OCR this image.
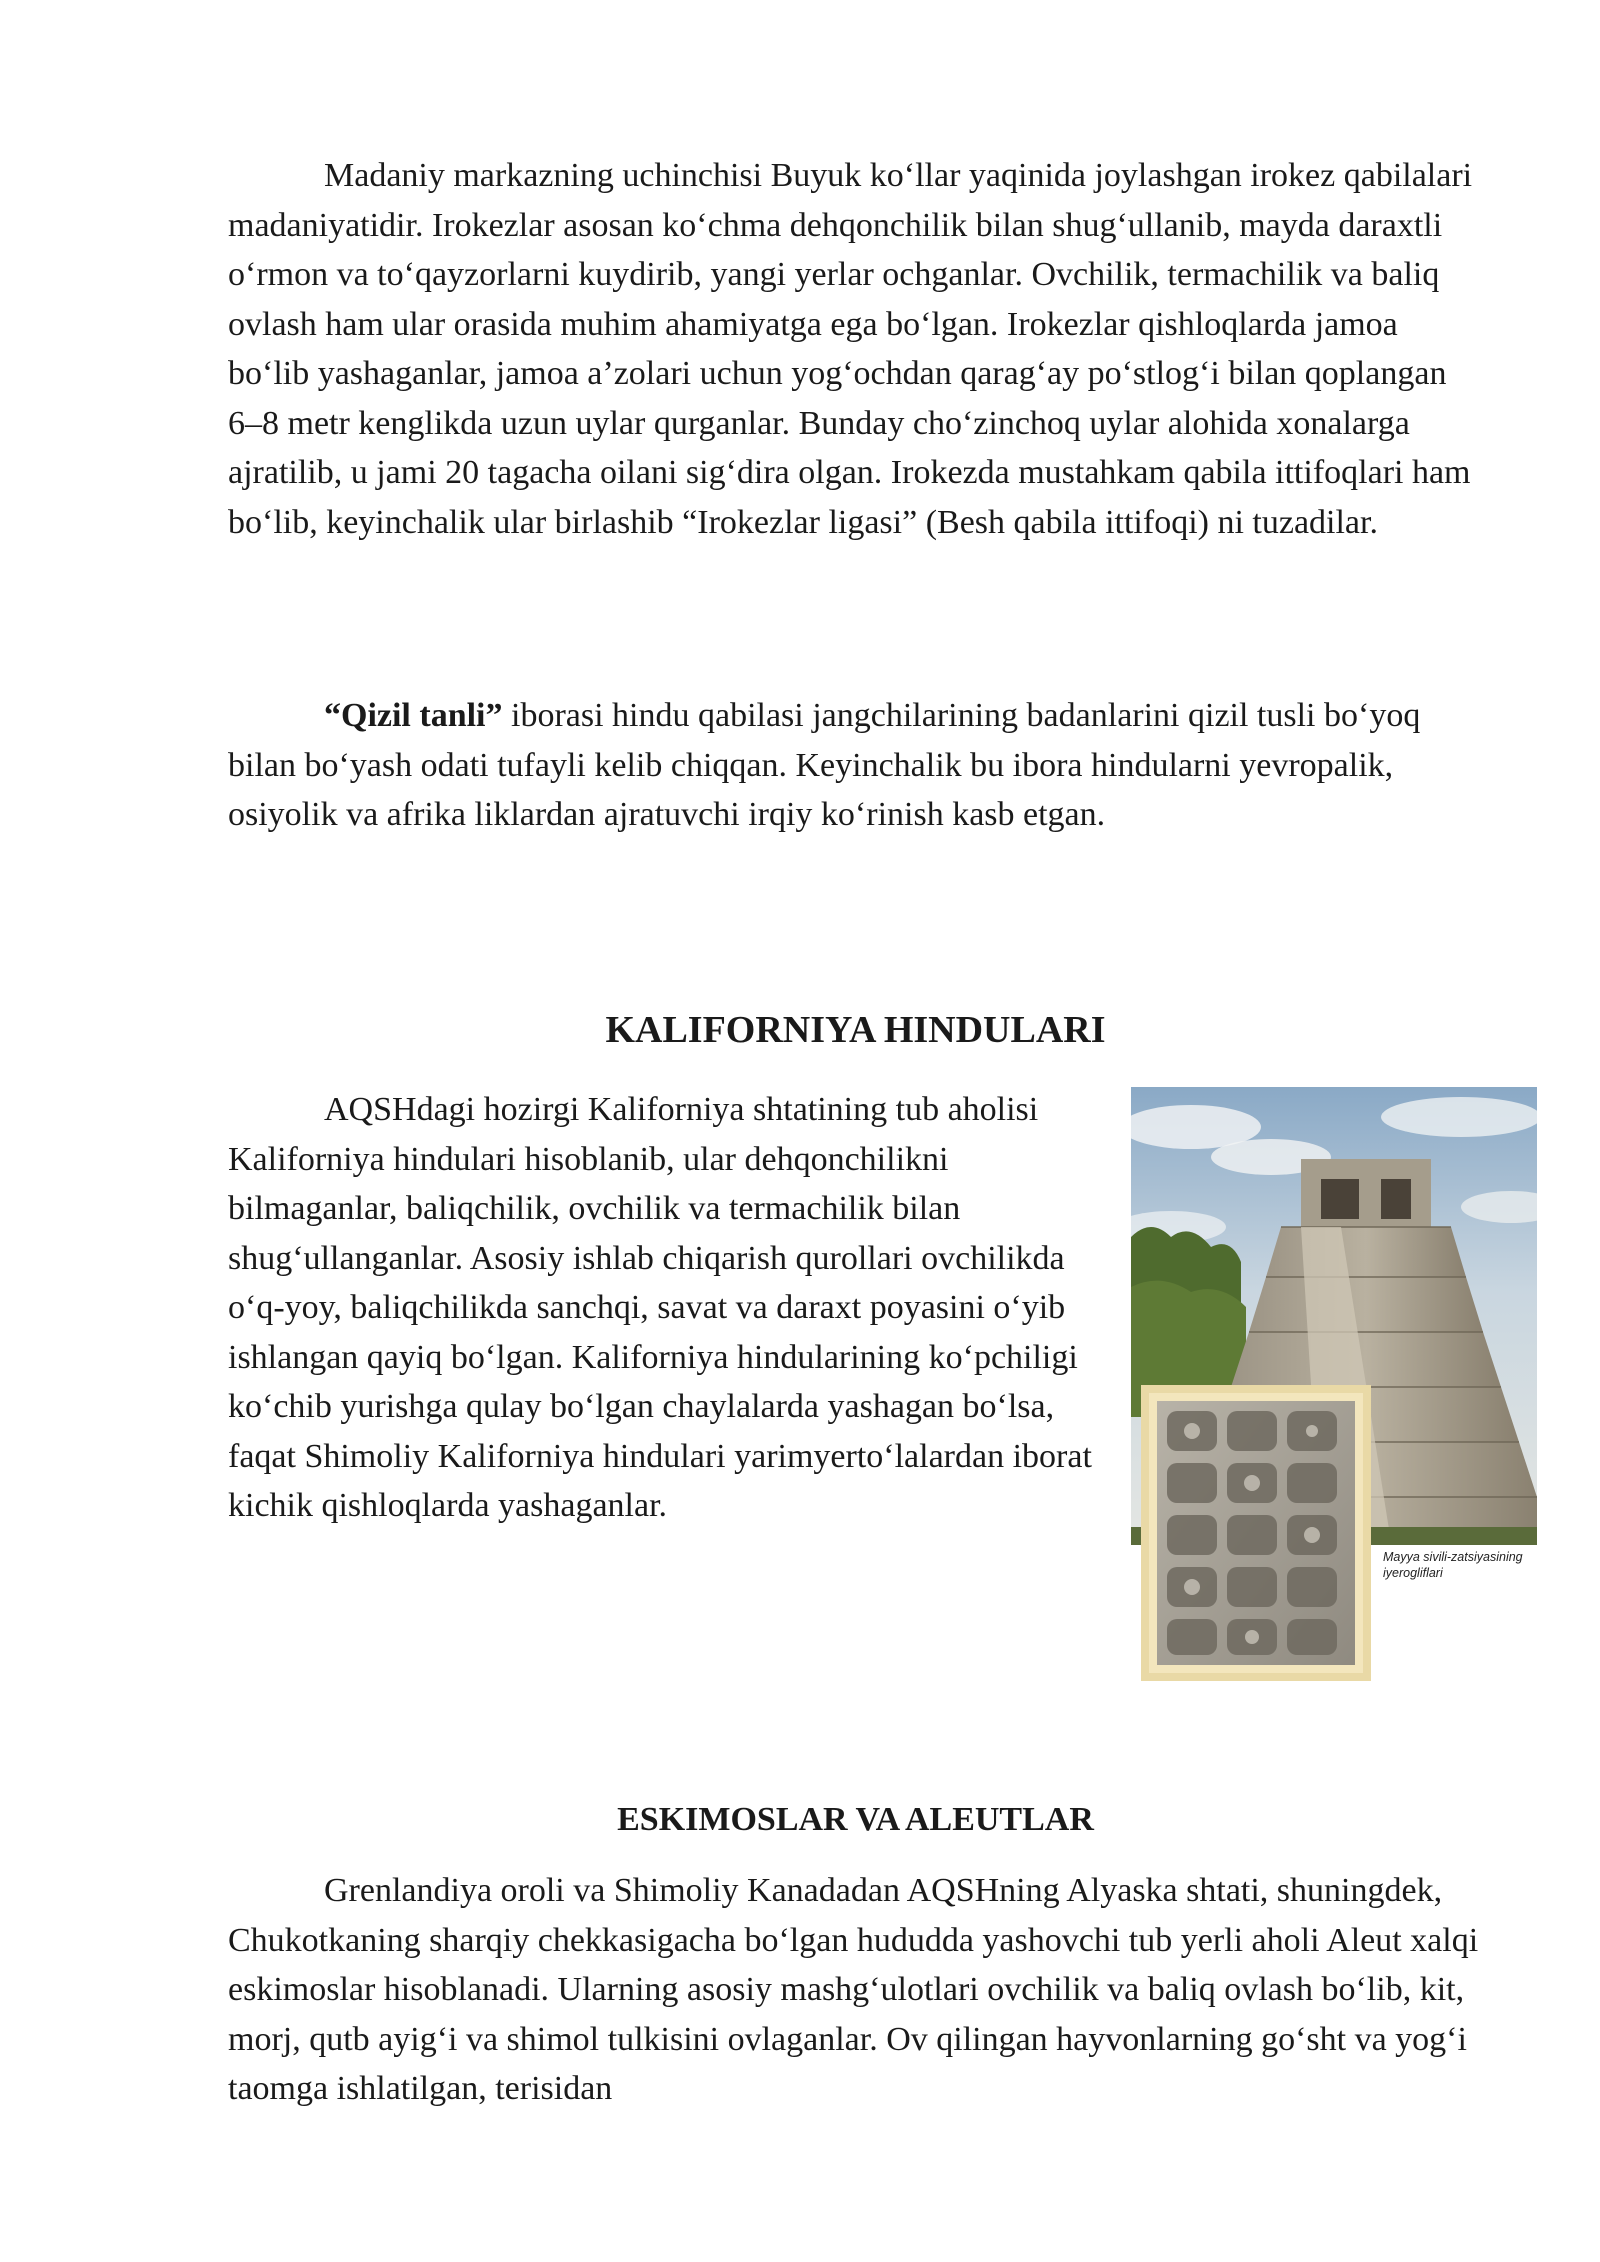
Madaniy markazning uchinchisi Buyuk ko‘llar yaqinida joylashgan irokez qabilalari madaniyatidir. Irokezlar asosan ko‘chma dehqonchilik bilan shug‘ullanib, mayda daraxtli o‘rmon va to‘qayzorlarni kuydirib, yangi yerlar ochganlar. Ovchilik, termachilik va baliq ovlash ham ular orasida muhim ahamiyatga ega bo‘lgan. Irokezlar qishloqlarda jamoa bo‘lib yashaganlar, jamoa a’zolari uchun yog‘ochdan qarag‘ay po‘stlog‘i bilan qoplangan 6–8 metr kenglikda uzun uylar qurganlar. Bunday cho‘zinchoq uylar alohida xonalarga ajratilib, u jami 20 tagacha oilani sig‘dira olgan. Irokezda mustahkam qabila ittifoqlari ham bo‘lib, keyinchalik ular birlashib “Irokezlar ligasi” (Besh qabila ittifoqi) ni tuzadilar.

“Qizil tanli” iborasi hindu qabilasi jangchilarining badanlarini qizil tusli bo‘yoq bilan bo‘yash odati tufayli kelib chiqqan. Keyinchalik bu ibora hindularni yevropalik, osiyolik va afrika liklardan ajratuvchi irqiy ko‘rinish kasb etgan.

KALIFORNIYA HINDULARI

AQSHdagi hozirgi Kaliforniya shtatining tub aholisi Kaliforniya hindulari hisoblanib, ular dehqonchilikni bilmaganlar, baliqchilik, ovchilik va termachilik bilan shug‘ullanganlar. Asosiy ishlab chiqarish qurollari ovchilikda o‘q-yoy, baliqchilikda sanchqi, savat va daraxt poyasini o‘yib ishlangan qayiq bo‘lgan. Kaliforniya hindularining ko‘pchiligi ko‘chib yurishga qulay bo‘lgan chaylalarda yashagan bo‘lsa, faqat Shimoliy Kaliforniya hindulari yarimyerto‘lalardan iborat kichik qishloqlarda yashaganlar.

ESKIMOSLAR VA ALEUTLAR

Grenlandiya oroli va Shimoliy Kanadadan AQSHning Alyaska shtati, shuningdek, Chukotkaning sharqiy chekkasigacha bo‘lgan hududda yashovchi tub yerli aholi Aleut xalqi eskimoslar hisoblanadi. Ularning asosiy mashg‘ulotlari ovchilik va baliq ovlash bo‘lib, kit, morj, qutb ayig‘i va shimol tulkisini ovlaganlar. Ov qilingan hayvonlarning go‘sht va yog‘i taomga ishlatilgan, terisidan

Mayya sivili-zatsiyasining iyerogliflari
